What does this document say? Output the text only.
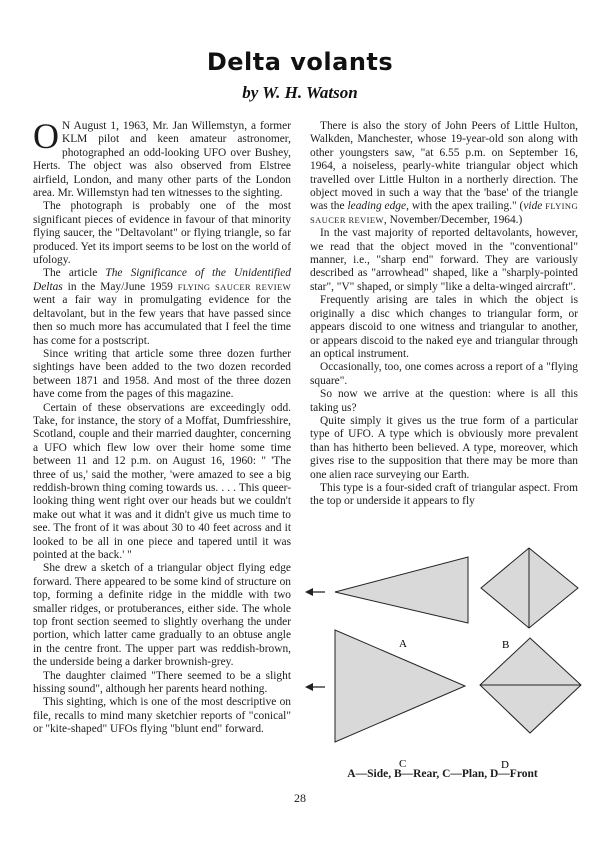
Delta volants
by W. H. Watson

O N August 1, 1963, Mr. Jan Willemstyn, a former KLM pilot and keen amateur astronomer, photographed an odd-looking UFO over Bushey, Herts. The object was also observed from Elstree airfield, London, and many other parts of the London area. Mr. Willemstyn had ten witnesses to the sighting.

The photograph is probably one of the most significant pieces of evidence in favour of that minority flying saucer, the "Deltavolant" or flying triangle, so far produced. Yet its import seems to be lost on the world of ufology.

The article The Significance of the Unidentified Deltas in the May/June 1959 FLYING SAUCER REVIEW went a fair way in promulgating evidence for the deltavolant, but in the few years that have passed since then so much more has accumulated that I feel the time has come for a postscript.

Since writing that article some three dozen further sightings have been added to the two dozen recorded between 1871 and 1958. And most of the three dozen have come from the pages of this magazine.

Certain of these observations are exceedingly odd. Take, for instance, the story of a Moffat, Dumfriesshire, Scotland, couple and their married daughter, concerning a UFO which flew low over their home some time between 11 and 12 p.m. on August 16, 1960: " 'The three of us,' said the mother, 'were amazed to see a big reddish-brown thing coming towards us. . . . This queer-looking thing went right over our heads but we couldn't make out what it was and it didn't give us much time to see. The front of it was about 30 to 40 feet across and it looked to be all in one piece and tapered until it was pointed at the back.' "

She drew a sketch of a triangular object flying edge forward. There appeared to be some kind of structure on top, forming a definite ridge in the middle with two smaller ridges, or protuberances, either side. The whole top front section seemed to slightly overhang the under portion, which latter came gradually to an obtuse angle in the centre front. The upper part was reddish-brown, the underside being a darker brownish-grey.

The daughter claimed "There seemed to be a slight hissing sound", although her parents heard nothing.

This sighting, which is one of the most descriptive on file, recalls to mind many sketchier reports of "conical" or "kite-shaped" UFOs flying "blunt end" forward.

There is also the story of John Peers of Little Hulton, Walkden, Manchester, whose 19-year-old son along with other youngsters saw, "at 6.55 p.m. on September 16, 1964, a noiseless, pearly-white triangular object which travelled over Little Hulton in a northerly direction. The object moved in such a way that the 'base' of the triangle was the leading edge, with the apex trailing." (vide FLYING SAUCER REVIEW, November/December, 1964.)

In the vast majority of reported deltavolants, however, we read that the object moved in the "conventional" manner, i.e., "sharp end" forward. They are variously described as "arrowhead" shaped, like a "sharply-pointed star", "V" shaped, or simply "like a delta-winged aircraft".

Frequently arising are tales in which the object is originally a disc which changes to triangular form, or appears discoid to one witness and triangular to another, or appears discoid to the naked eye and triangular through an optical instrument.

Occasionally, too, one comes across a report of a "flying square".

So now we arrive at the question: where is all this taking us?

Quite simply it gives us the true form of a particular type of UFO. A type which is obviously more prevalent than has hitherto been believed. A type, moreover, which gives rise to the supposition that there may be more than one alien race surveying our Earth.

This type is a four-sided craft of triangular aspect. From the top or underside it appears to fly

A	B
C	D

A—Side, B—Rear, C—Plan, D—Front

28
